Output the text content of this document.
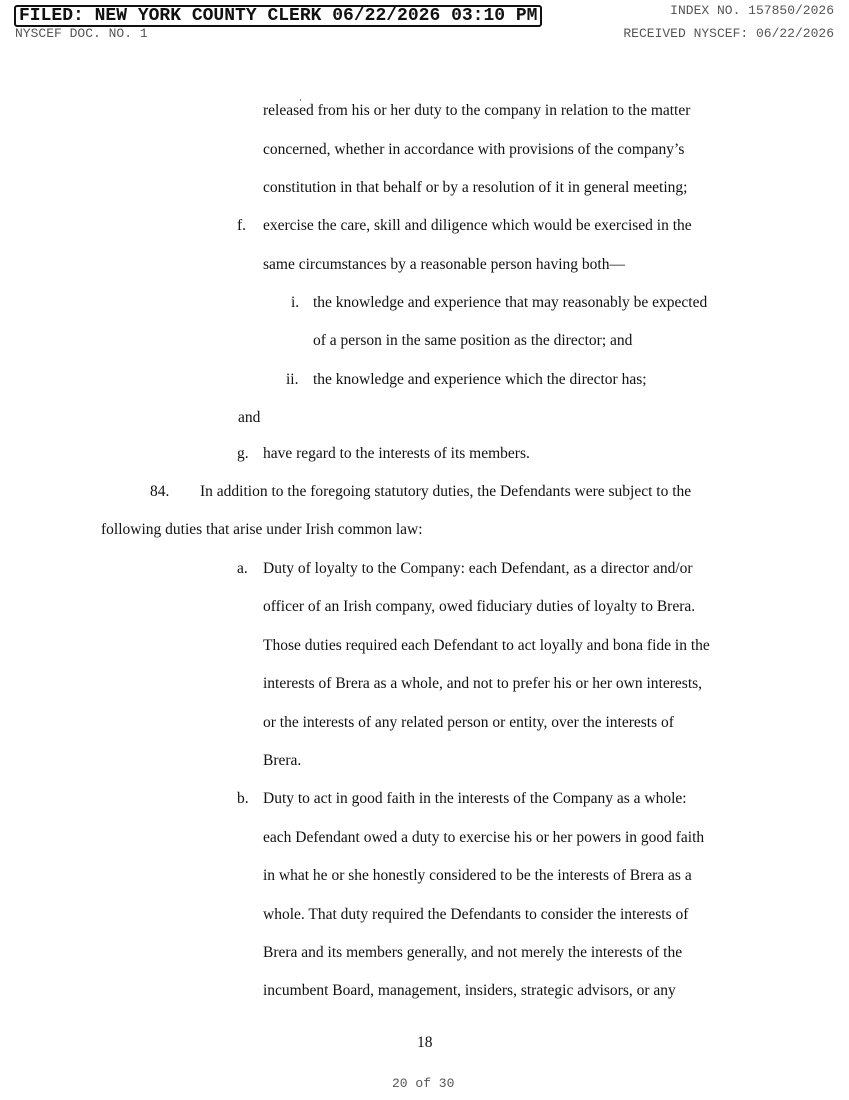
FILED: NEW YORK COUNTY CLERK 06/22/2026 03:10 PM
NYSCEF DOC. NO. 1
INDEX NO. 157850/2026
RECEIVED NYSCEF: 06/22/2026
released from his or her duty to the company in relation to the matter
concerned, whether in accordance with provisions of the company’s
constitution in that behalf or by a resolution of it in general meeting;
f. exercise the care, skill and diligence which would be exercised in the
same circumstances by a reasonable person having both—
i. the knowledge and experience that may reasonably be expected
of a person in the same position as the director; and
ii. the knowledge and experience which the director has;
and
g. have regard to the interests of its members.
84. In addition to the foregoing statutory duties, the Defendants were subject to the
following duties that arise under Irish common law:
a. Duty of loyalty to the Company: each Defendant, as a director and/or
officer of an Irish company, owed fiduciary duties of loyalty to Brera.
Those duties required each Defendant to act loyally and bona fide in the
interests of Brera as a whole, and not to prefer his or her own interests,
or the interests of any related person or entity, over the interests of
Brera.
b. Duty to act in good faith in the interests of the Company as a whole:
each Defendant owed a duty to exercise his or her powers in good faith
in what he or she honestly considered to be the interests of Brera as a
whole. That duty required the Defendants to consider the interests of
Brera and its members generally, and not merely the interests of the
incumbent Board, management, insiders, strategic advisors, or any
18
20 of 30
